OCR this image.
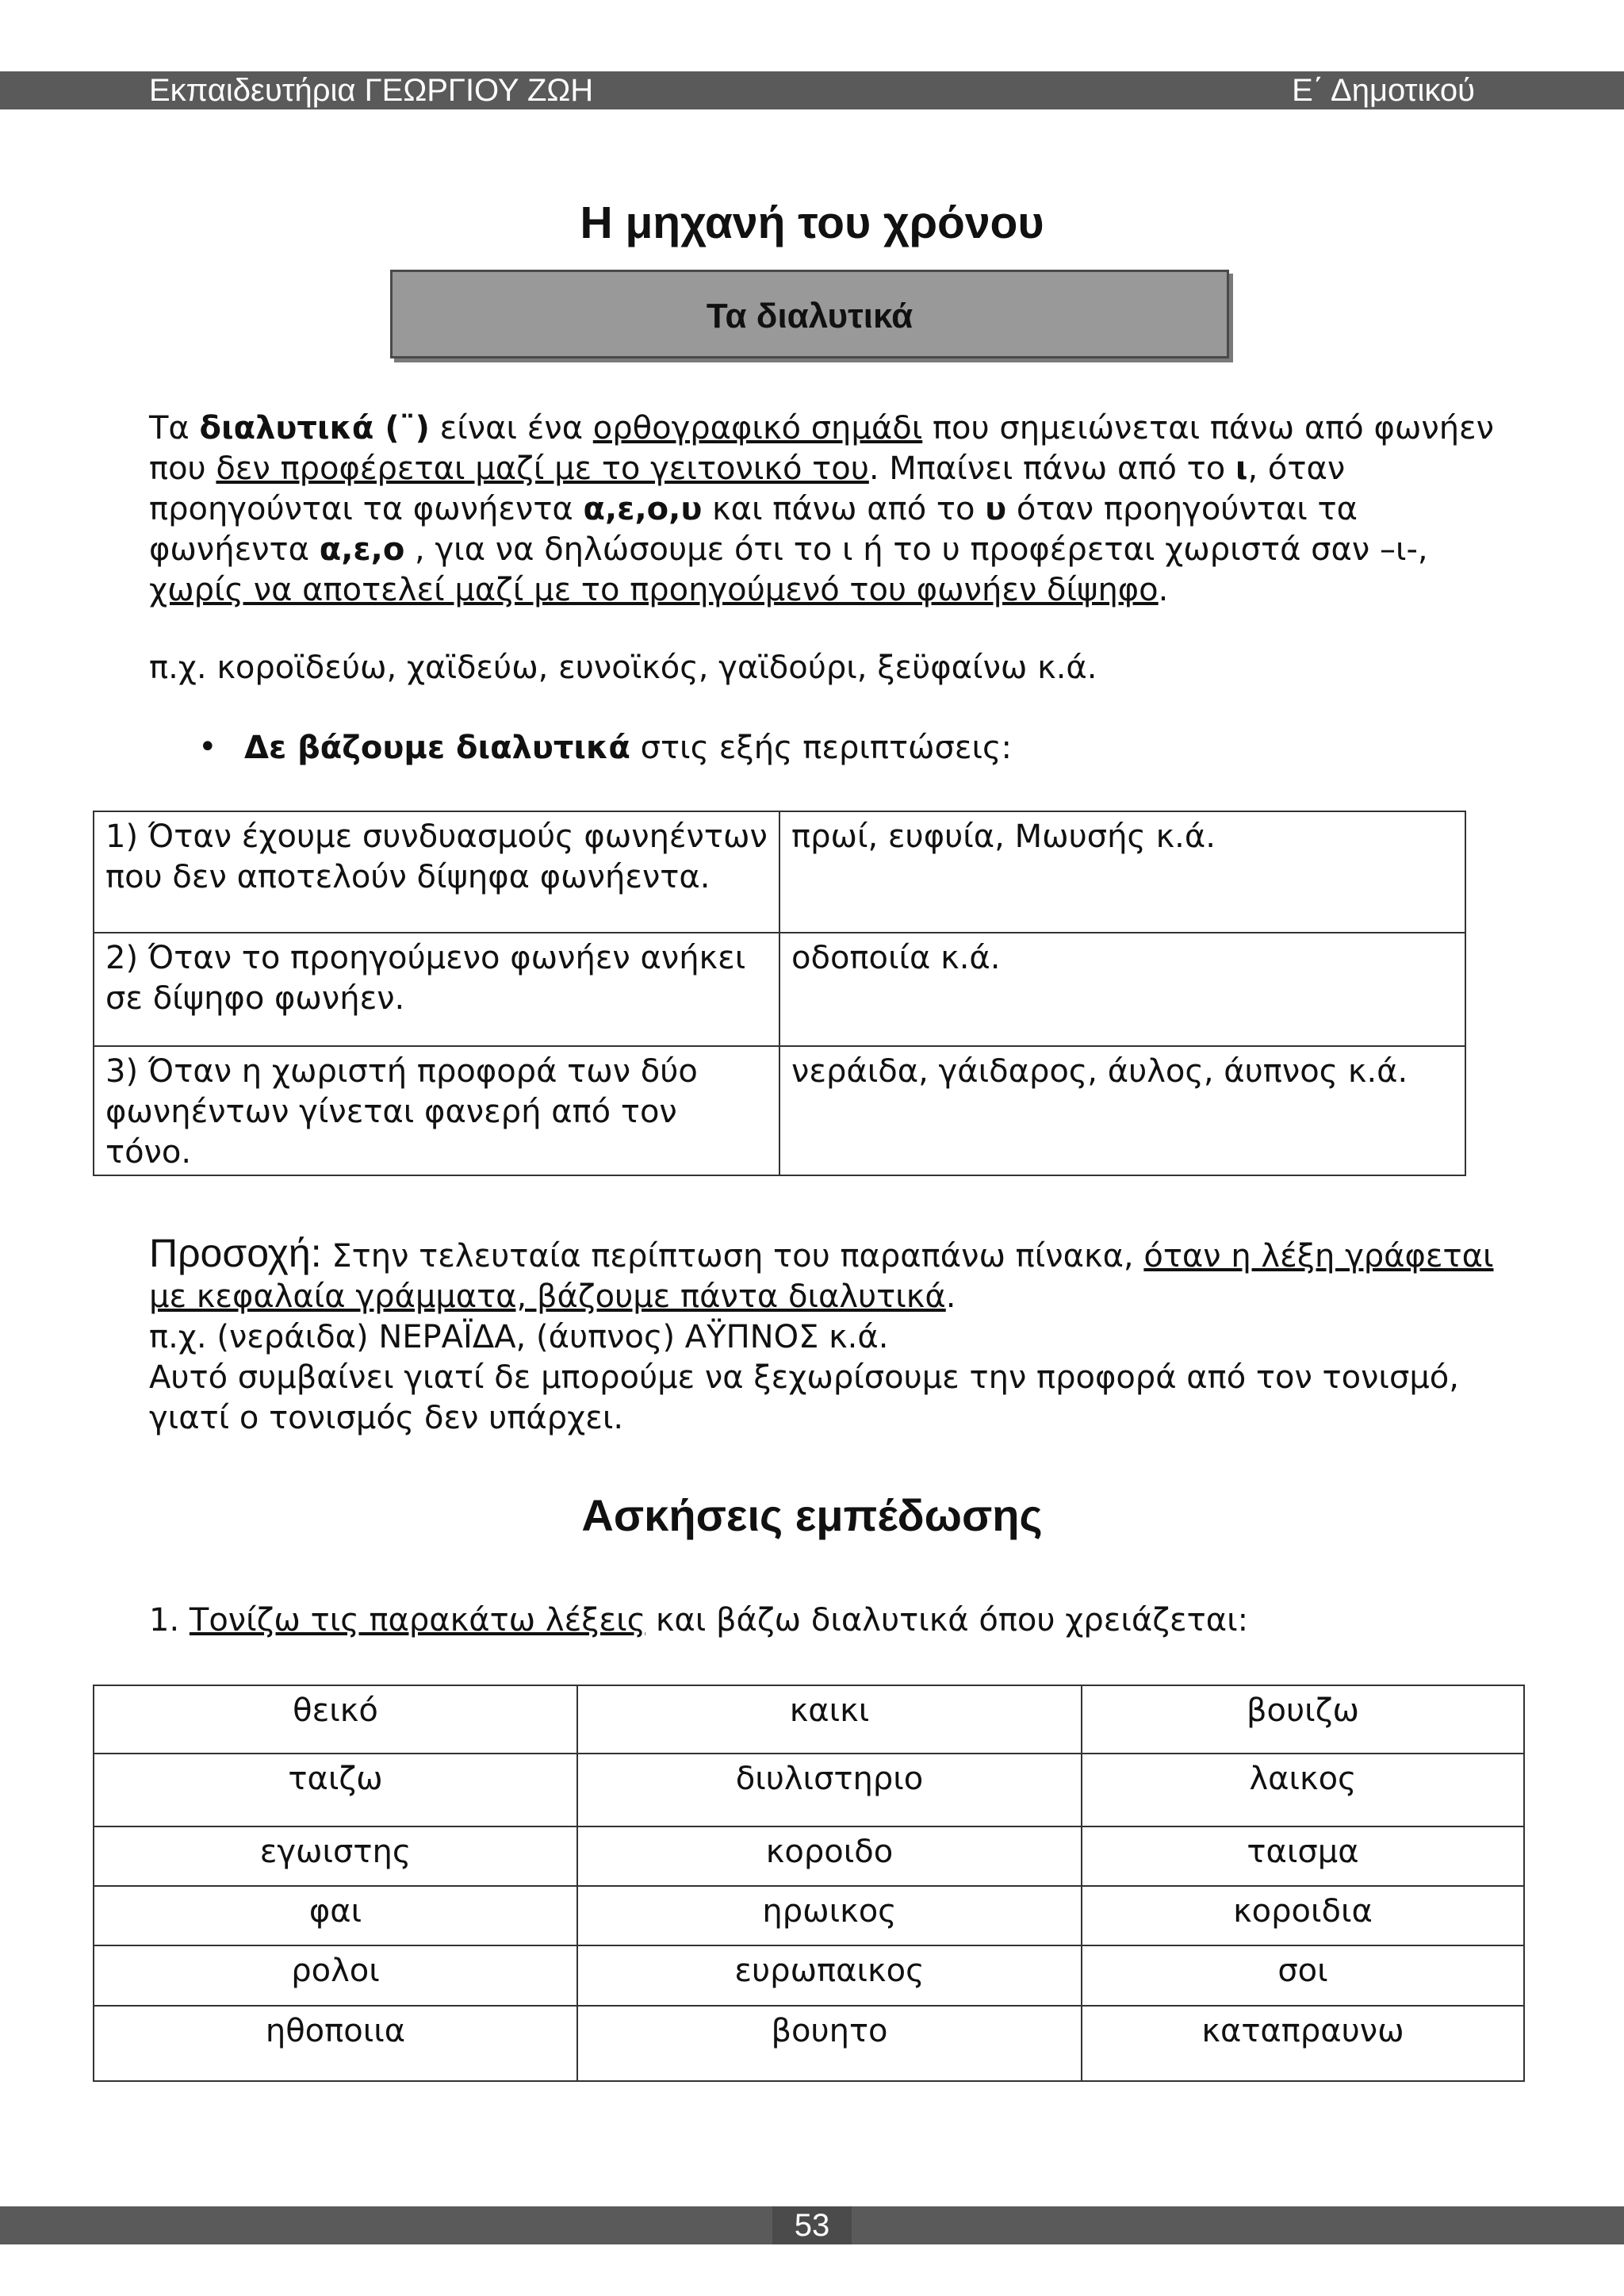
Εκπαιδευτήρια ΓΕΩΡΓΙΟΥ ΖΩΗ	Ε΄ Δημοτικού
Η μηχανή του χρόνου
Τα διαλυτικά
Τα διαλυτικά (¨) είναι ένα ορθογραφικό σημάδι που σημειώνεται πάνω από φωνήεν που δεν προφέρεται μαζί με το γειτονικό του. Μπαίνει πάνω από το ι, όταν προηγούνται τα φωνήεντα α,ε,ο,υ και πάνω από το υ όταν προηγούνται τα φωνήεντα α,ε,ο , για να δηλώσουμε ότι το ι ή το υ προφέρεται χωριστά σαν –ι-, χωρίς να αποτελεί μαζί με το προηγούμενό του φωνήεν δίψηφο.
π.χ. κοροϊδεύω, χαϊδεύω, ευνοϊκός, γαϊδούρι, ξεϋφαίνω κ.ά.
• Δε βάζουμε διαλυτικά στις εξής περιπτώσεις:
1) Όταν έχουμε συνδυασμούς φωνηέντων που δεν αποτελούν δίψηφα φωνήεντα.	πρωί, ευφυία, Μωυσής κ.ά.
2) Όταν το προηγούμενο φωνήεν ανήκει σε δίψηφο φωνήεν.	οδοποιία κ.ά.
3) Όταν η χωριστή προφορά των δύο φωνηέντων γίνεται φανερή από τον τόνο.	νεράιδα, γάιδαρος, άυλος, άυπνος κ.ά.
Προσοχή: Στην τελευταία περίπτωση του παραπάνω πίνακα, όταν η λέξη γράφεται με κεφαλαία γράμματα, βάζουμε πάντα διαλυτικά.
π.χ. (νεράιδα) ΝΕΡΑΪΔΑ, (άυπνος) ΑΫΠΝΟΣ κ.ά.
Αυτό συμβαίνει γιατί δε μπορούμε να ξεχωρίσουμε την προφορά από τον τονισμό, γιατί ο τονισμός δεν υπάρχει.
Ασκήσεις εμπέδωσης
1. Τονίζω τις παρακάτω λέξεις και βάζω διαλυτικά όπου χρειάζεται:
θεικό	καικι	βουιζω
ταιζω	διυλιστηριο	λαικος
εγωιστης	κοροιδο	ταισμα
φαι	ηρωικος	κοροιδια
ρολοι	ευρωπαικος	σοι
ηθοποιια	βουητο	καταπραυνω
53
